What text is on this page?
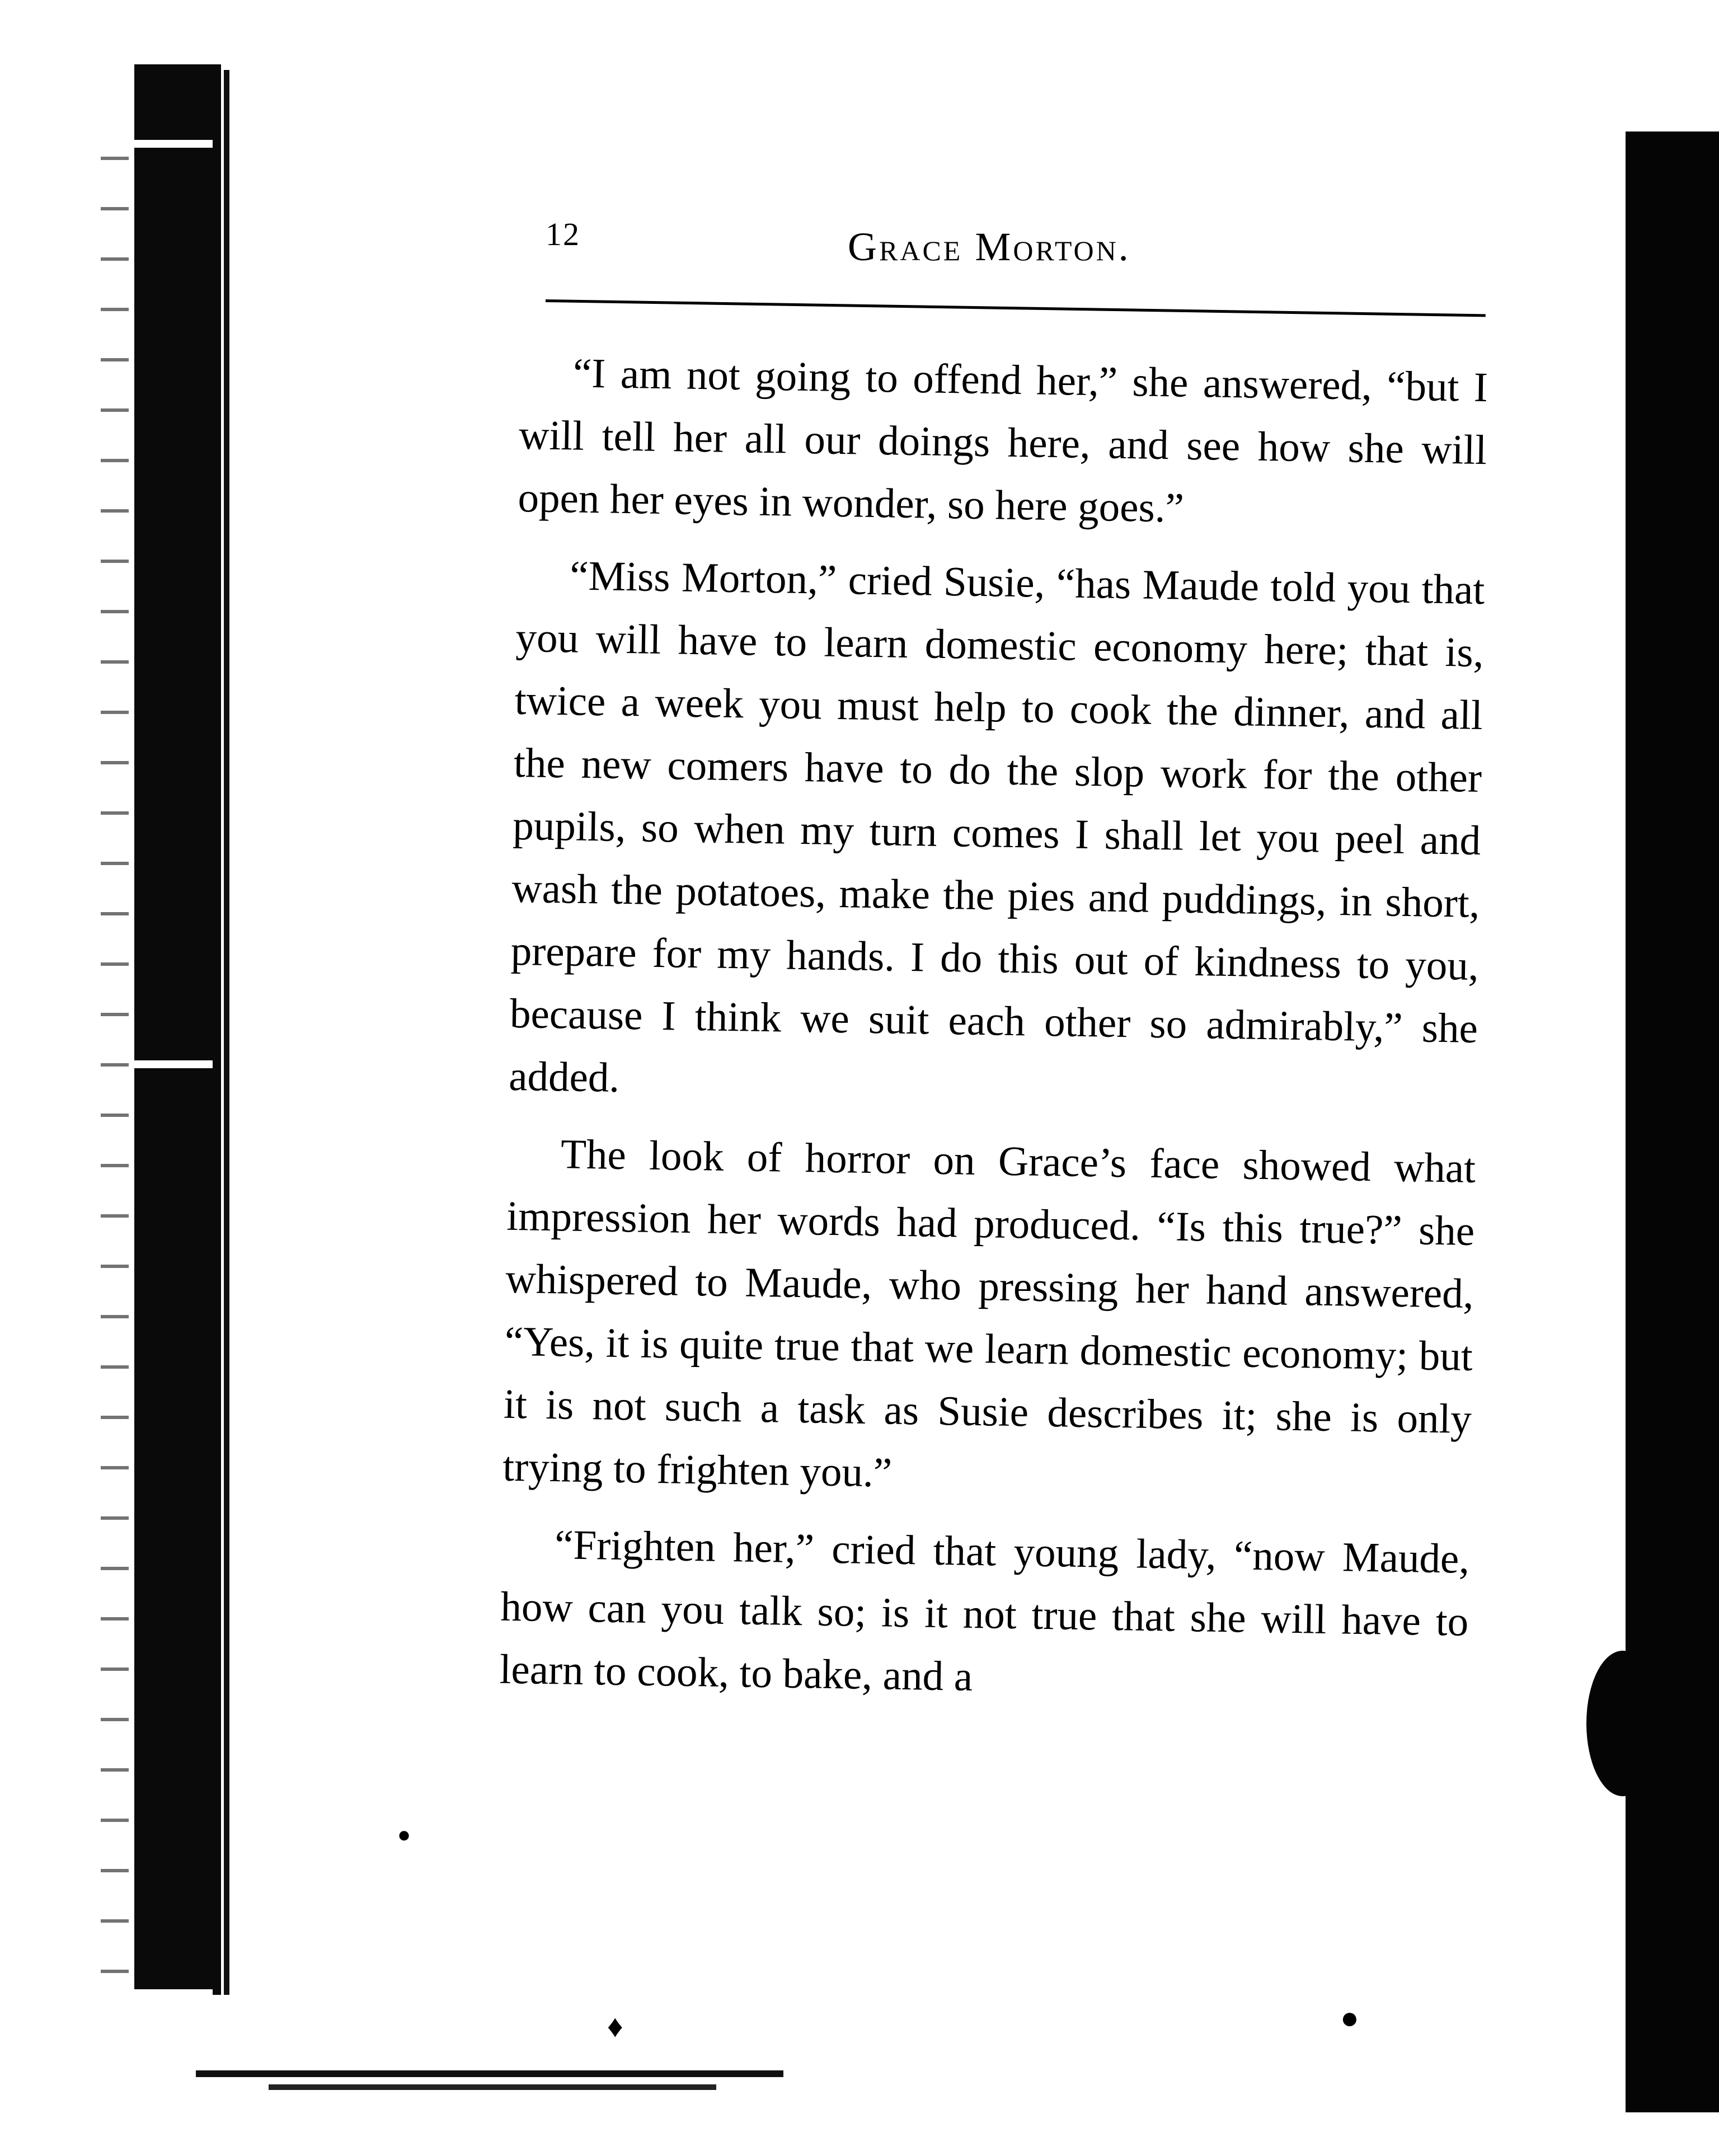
12	Grace Morton.

“I am not going to offend her,” she answered, “but I will tell her all our doings here, and see how she will open her eyes in wonder, so here goes.”

“Miss Morton,” cried Susie, “has Maude told you that you will have to learn domestic economy here; that is, twice a week you must help to cook the dinner, and all the new comers have to do the slop work for the other pupils, so when my turn comes I shall let you peel and wash the potatoes, make the pies and puddings, in short, prepare for my hands. I do this out of kindness to you, because I think we suit each other so admirably,” she added.

The look of horror on Grace’s face showed what impression her words had produced. “Is this true?” she whispered to Maude, who pressing her hand answered, “Yes, it is quite true that we learn domestic economy; but it is not such a task as Susie describes it; she is only trying to frighten you.”

“Frighten her,” cried that young lady, “now Maude, how can you talk so; is it not true that she will have to learn to cook, to bake, and a

♦	●
●
